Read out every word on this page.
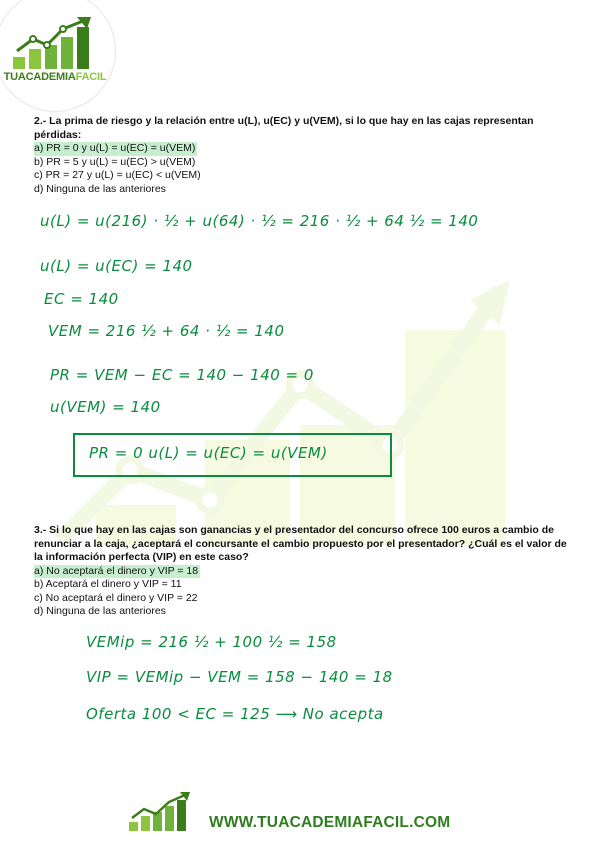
TUACADEMIAFACIL

2.- La prima de riesgo y la relación entre u(L), u(EC) y u(VEM), si lo que hay en las cajas representan pérdidas:

a) PR = 0 y u(L) = u(EC) = u(VEM)

b) PR = 5 y u(L) = u(EC) > u(VEM)

c) PR = 27 y u(L) = u(EC) < u(VEM)

d) Ninguna de las anteriores

u(L) = u(216) · ½ + u(64) · ½ = 216 · ½ + 64 ½ = 140
u(L) = u(EC) = 140
EC = 140
VEM = 216 ½ + 64 · ½ = 140
PR = VEM − EC = 140 − 140 = 0
u(VEM) = 140
PR = 0 u(L) = u(EC) = u(VEM)

3.- Si lo que hay en las cajas son ganancias y el presentador del concurso ofrece 100 euros a cambio de renunciar a la caja, ¿aceptará el concursante el cambio propuesto por el presentador? ¿Cuál es el valor de la información perfecta (VIP) en este caso?

a) No aceptará el dinero y VIP = 18

b) Aceptará el dinero y VIP = 11

c) No aceptará el dinero y VIP = 22

d) Ninguna de las anteriores

VEMip = 216 ½ + 100 ½ = 158
VIP = VEMip − VEM = 158 − 140 = 18
Oferta 100 < EC = 125 ⟶ No acepta
WWW.TUACADEMIAFACIL.COM
